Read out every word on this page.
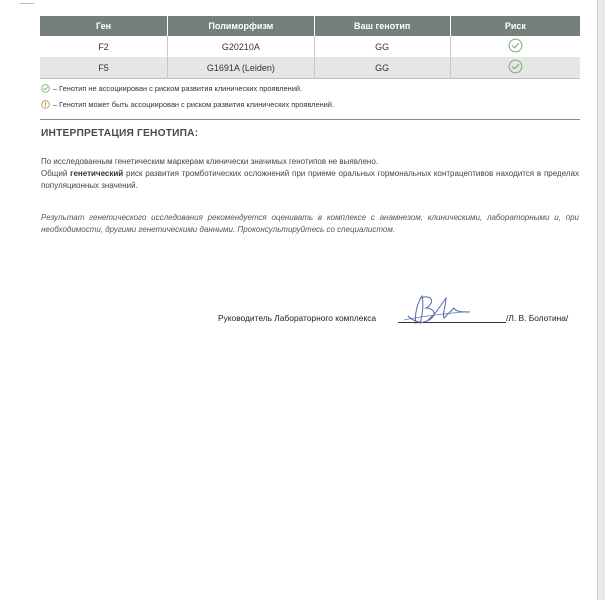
Ген	Полиморфизм	Ваш генотип	Риск
F2	G20210A	GG	
F5	G1691A (Leiden)	GG	
– Генотип не ассоциирован с риском развития клинических проявлений.
– Генотип может быть ассоциирован с риском развития клинических проявлений.
ИНТЕРПРЕТАЦИЯ ГЕНОТИПА:
По исследованным генетическим маркерам клинически значимых генотипов не выявлено.
Общий генетический риск развития тромботических осложнений при приеме оральных гормональных контрацептивов находится в пределах популяционных значений.
Результат генетического исследования рекомендуется оценивать в комплексе с анамнезом, клиническими, лабораторными и, при необходимости, другими генетическими данными. Проконсультируйтесь со специалистом.
Руководитель Лабораторного комплекса	/Л. В. Болотина/
